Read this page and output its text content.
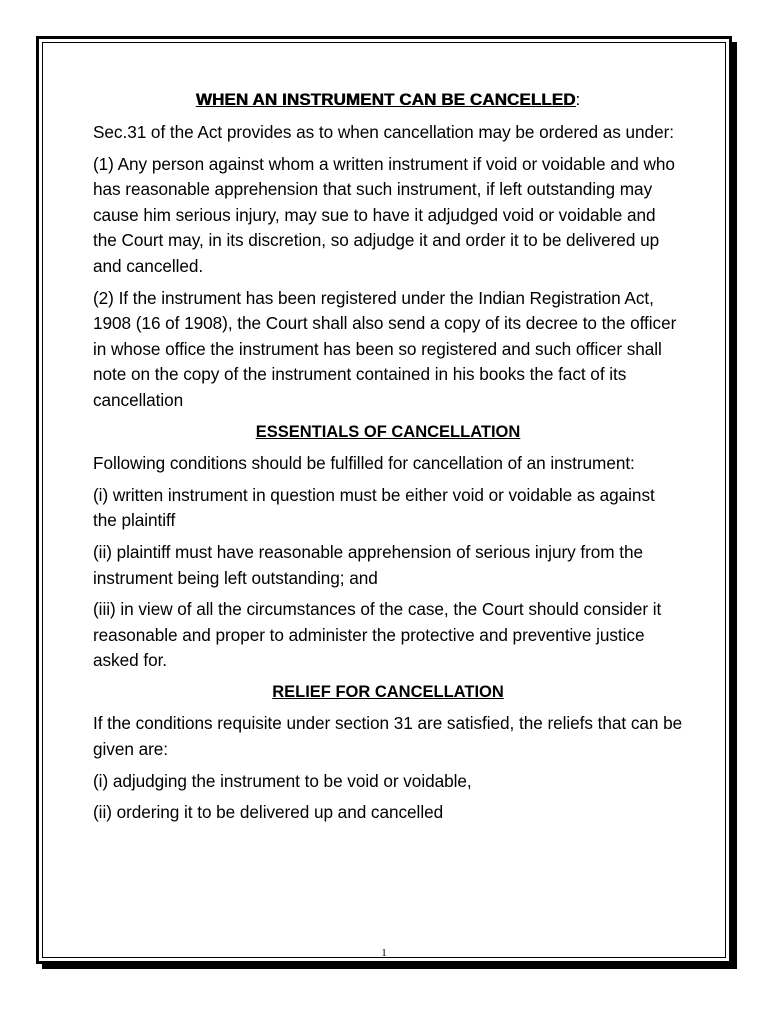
WHEN AN INSTRUMENT CAN BE CANCELLED:

Sec.31 of the Act provides as to when cancellation may be ordered as under:

(1) Any person against whom a written instrument if void or voidable and who has reasonable apprehension that such instrument, if left outstanding may cause him serious injury, may sue to have it adjudged void or voidable and the Court may, in its discretion, so adjudge it and order it to be delivered up and cancelled.

(2) If the instrument has been registered under the Indian Registration Act, 1908 (16 of 1908), the Court shall also send a copy of its decree to the officer in whose office the instrument has been so registered and such officer shall note on the copy of the instrument contained in his books the fact of its cancellation

ESSENTIALS OF CANCELLATION

Following conditions should be fulfilled for cancellation of an instrument:

(i) written instrument in question must be either void or voidable as against the plaintiff

(ii) plaintiff must have reasonable apprehension of serious injury from the instrument being left outstanding; and

(iii) in view of all the circumstances of the case, the Court should consider it reasonable and proper to administer the protective and preventive justice asked for.

RELIEF FOR CANCELLATION

If the conditions requisite under section 31 are satisfied, the reliefs that can be given are:

(i) adjudging the instrument to be void or voidable,

(ii) ordering it to be delivered up and cancelled

1
